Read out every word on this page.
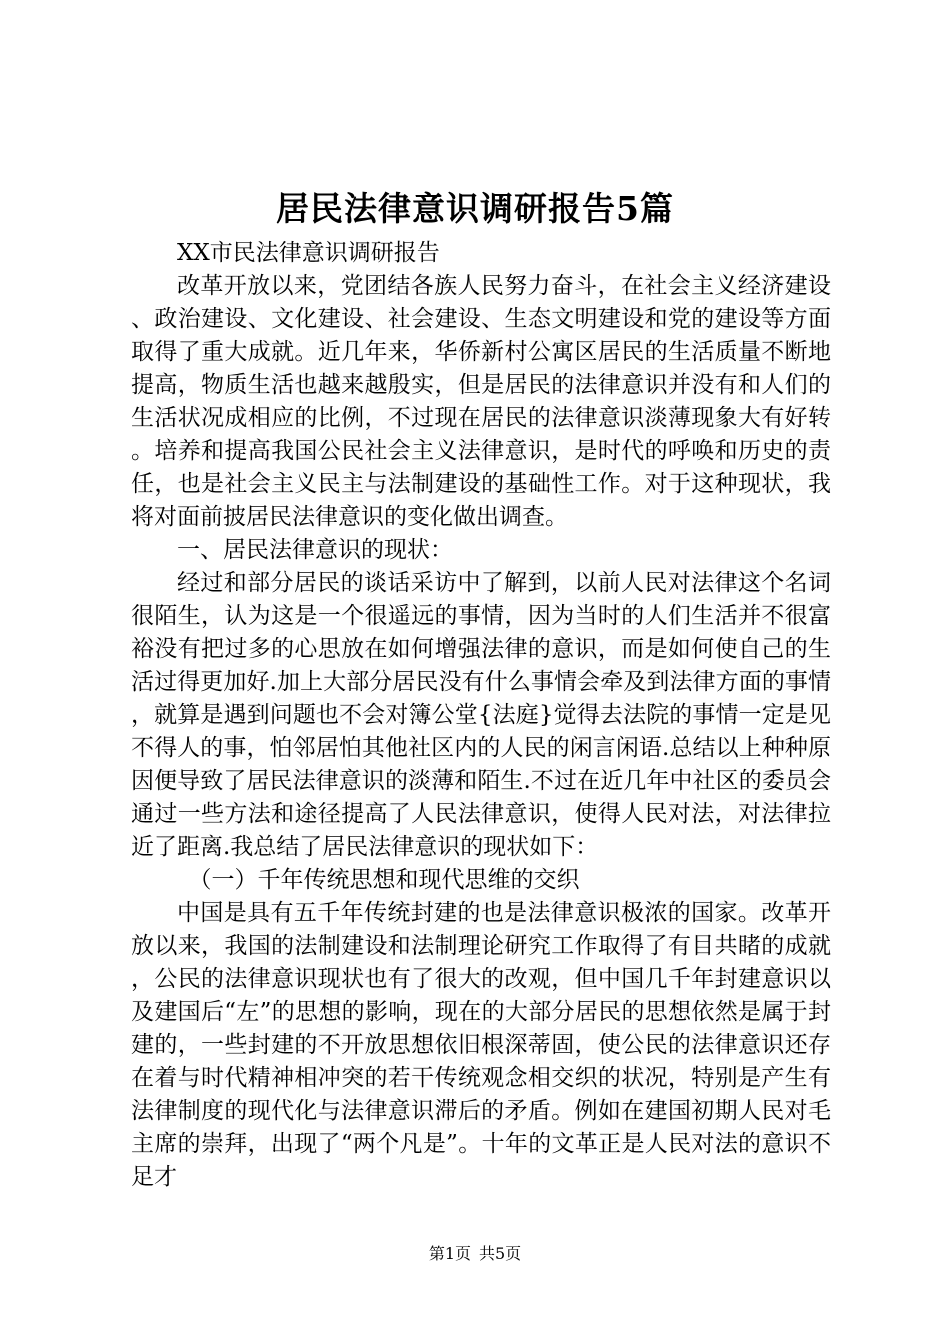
居民法律意识调研报告5篇

XX市民法律意识调研报告

改革开放以来，党团结各族人民努力奋斗，在社会主义经济建设、政治建设、文化建设、社会建设、生态文明建设和党的建设等方面取得了重大成就。近几年来，华侨新村公寓区居民的生活质量不断地提高，物质生活也越来越殷实，但是居民的法律意识并没有和人们的生活状况成相应的比例，不过现在居民的法律意识淡薄现象大有好转。培养和提高我国公民社会主义法律意识，是时代的呼唤和历史的责任，也是社会主义民主与法制建设的基础性工作。对于这种现状，我将对面前披居民法律意识的变化做出调查。

一、居民法律意识的现状：

经过和部分居民的谈话采访中了解到，以前人民对法律这个名词很陌生，认为这是一个很遥远的事情，因为当时的人们生活并不很富裕没有把过多的心思放在如何增强法律的意识，而是如何使自己的生活过得更加好.加上大部分居民没有什么事情会牵及到法律方面的事情，就算是遇到问题也不会对簿公堂{法庭}觉得去法院的事情一定是见不得人的事，怕邻居怕其他社区内的人民的闲言闲语.总结以上种种原因便导致了居民法律意识的淡薄和陌生.不过在近几年中社区的委员会通过一些方法和途径提高了人民法律意识，使得人民对法，对法律拉近了距离.我总结了居民法律意识的现状如下：

（一）千年传统思想和现代思维的交织

中国是具有五千年传统封建的也是法律意识极浓的国家。改革开放以来，我国的法制建设和法制理论研究工作取得了有目共睹的成就，公民的法律意识现状也有了很大的改观，但中国几千年封建意识以及建国后“左”的思想的影响，现在的大部分居民的思想依然是属于封建的，一些封建的不开放思想依旧根深蒂固，使公民的法律意识还存在着与时代精神相冲突的若干传统观念相交织的状况，特别是产生有法律制度的现代化与法律意识滞后的矛盾。例如在建国初期人民对毛主席的崇拜，出现了“两个凡是”。十年的文革正是人民对法的意识不足才

第1页 共5页
